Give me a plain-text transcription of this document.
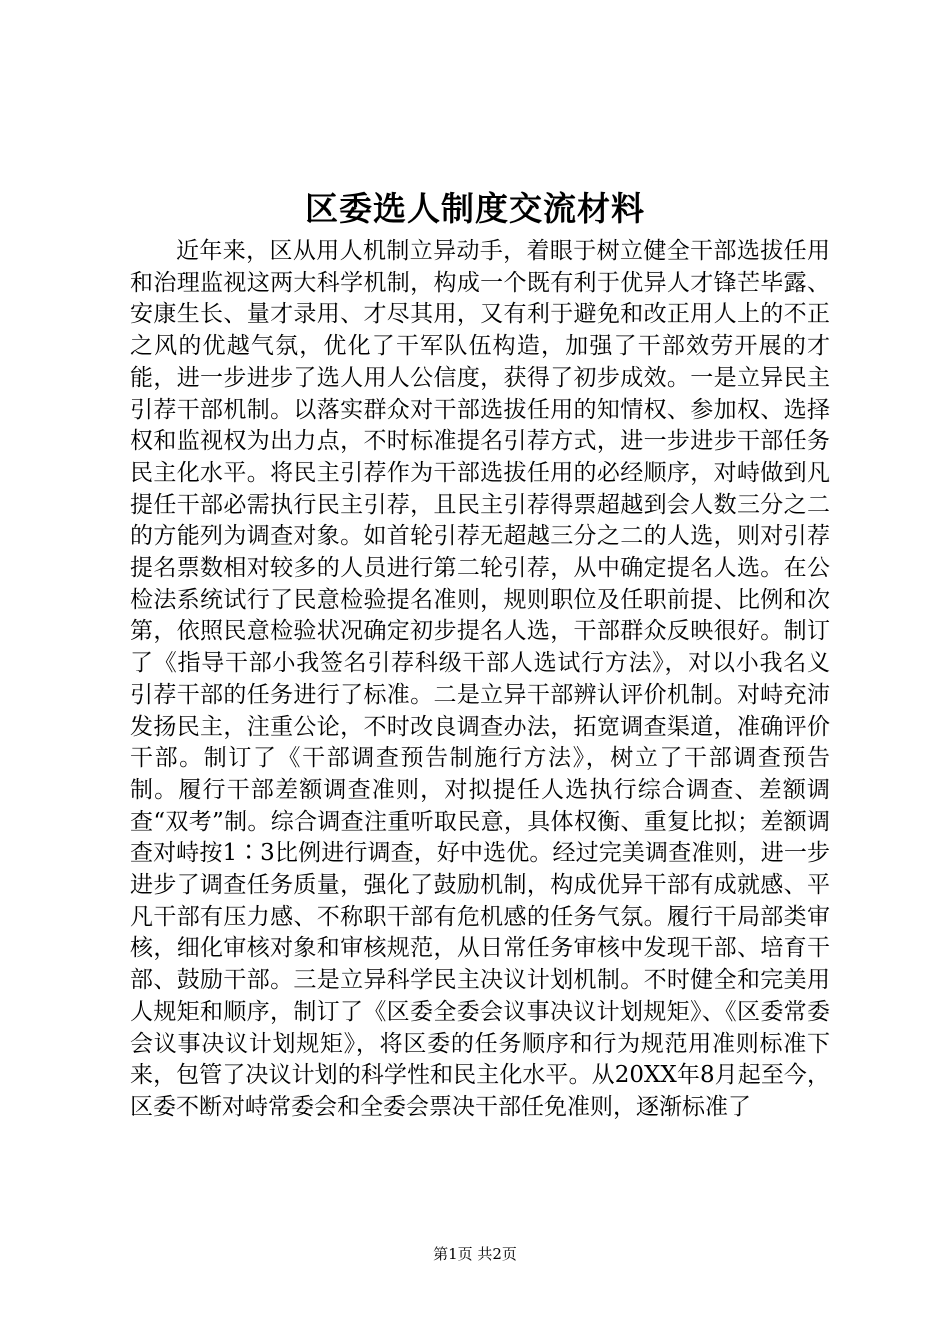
区委选人制度交流材料

近年来，区从用人机制立异动手，着眼于树立健全干部选拔任用和治理监视这两大科学机制，构成一个既有利于优异人才锋芒毕露、安康生长、量才录用、才尽其用，又有利于避免和改正用人上的不正之风的优越气氛，优化了干军队伍构造，加强了干部效劳开展的才能，进一步进步了选人用人公信度，获得了初步成效。一是立异民主引荐干部机制。以落实群众对干部选拔任用的知情权、参加权、选择权和监视权为出力点，不时标准提名引荐方式，进一步进步干部任务民主化水平。将民主引荐作为干部选拔任用的必经顺序，对峙做到凡提任干部必需执行民主引荐，且民主引荐得票超越到会人数三分之二的方能列为调查对象。如首轮引荐无超越三分之二的人选，则对引荐提名票数相对较多的人员进行第二轮引荐，从中确定提名人选。在公检法系统试行了民意检验提名准则，规则职位及任职前提、比例和次第，依照民意检验状况确定初步提名人选，干部群众反映很好。制订了《指导干部小我签名引荐科级干部人选试行方法》，对以小我名义引荐干部的任务进行了标准。二是立异干部辨认评价机制。对峙充沛发扬民主，注重公论，不时改良调查办法，拓宽调查渠道，准确评价干部。制订了《干部调查预告制施行方法》，树立了干部调查预告制。履行干部差额调查准则，对拟提任人选执行综合调查、差额调查“双考”制。综合调查注重听取民意，具体权衡、重复比拟；差额调查对峙按1∶3比例进行调查，好中选优。经过完美调查准则，进一步进步了调查任务质量，强化了鼓励机制，构成优异干部有成就感、平凡干部有压力感、不称职干部有危机感的任务气氛。履行干局部类审核，细化审核对象和审核规范，从日常任务审核中发现干部、培育干部、鼓励干部。三是立异科学民主决议计划机制。不时健全和完美用人规矩和顺序，制订了《区委全委会议事决议计划规矩》、《区委常委会议事决议计划规矩》，将区委的任务顺序和行为规范用准则标准下来，包管了决议计划的科学性和民主化水平。从20XX年8月起至今，区委不断对峙常委会和全委会票决干部任免准则，逐渐标准了

第1页 共2页
